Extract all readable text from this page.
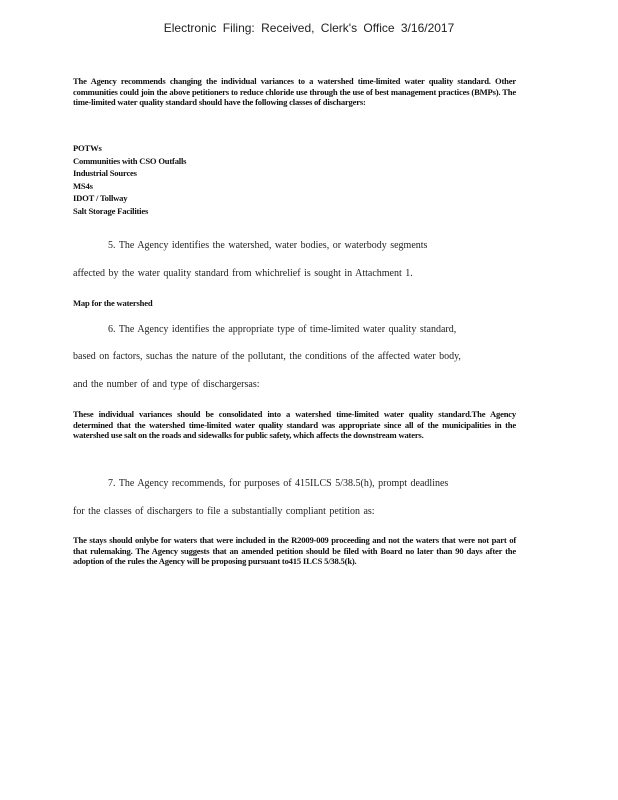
Electronic Filing: Received, Clerk's Office 3/16/2017

The Agency recommends changing the individual variances to a watershed time-limited water quality standard. Other communities could join the above petitioners to reduce chloride use through the use of best management practices (BMPs). The time-limited water quality standard should have the following classes of dischargers:

POTWs
Communities with CSO Outfalls
Industrial Sources
MS4s
IDOT / Tollway
Salt Storage Facilities
5. The Agency identifies the watershed, water bodies, or waterbody segments
affected by the water quality standard from whichrelief is sought in Attachment 1.
Map for the watershed
6. The Agency identifies the appropriate type of time-limited water quality standard,
based on factors, suchas the nature of the pollutant, the conditions of the affected water body,
and the number of and type of dischargersas:

These individual variances should be consolidated into a watershed time-limited water quality standard.The Agency determined that the watershed time-limited water quality standard was appropriate since all of the municipalities in the watershed use salt on the roads and sidewalks for public safety, which affects the downstream waters.

7. The Agency recommends, for purposes of 415ILCS 5/38.5(h), prompt deadlines
for the classes of dischargers to file a substantially compliant petition as:

The stays should onlybe for waters that were included in the R2009-009 proceeding and not the waters that were not part of that rulemaking. The Agency suggests that an amended petition should be filed with Board no later than 90 days after the adoption of the rules the Agency will be proposing pursuant to415 ILCS 5/38.5(k).
